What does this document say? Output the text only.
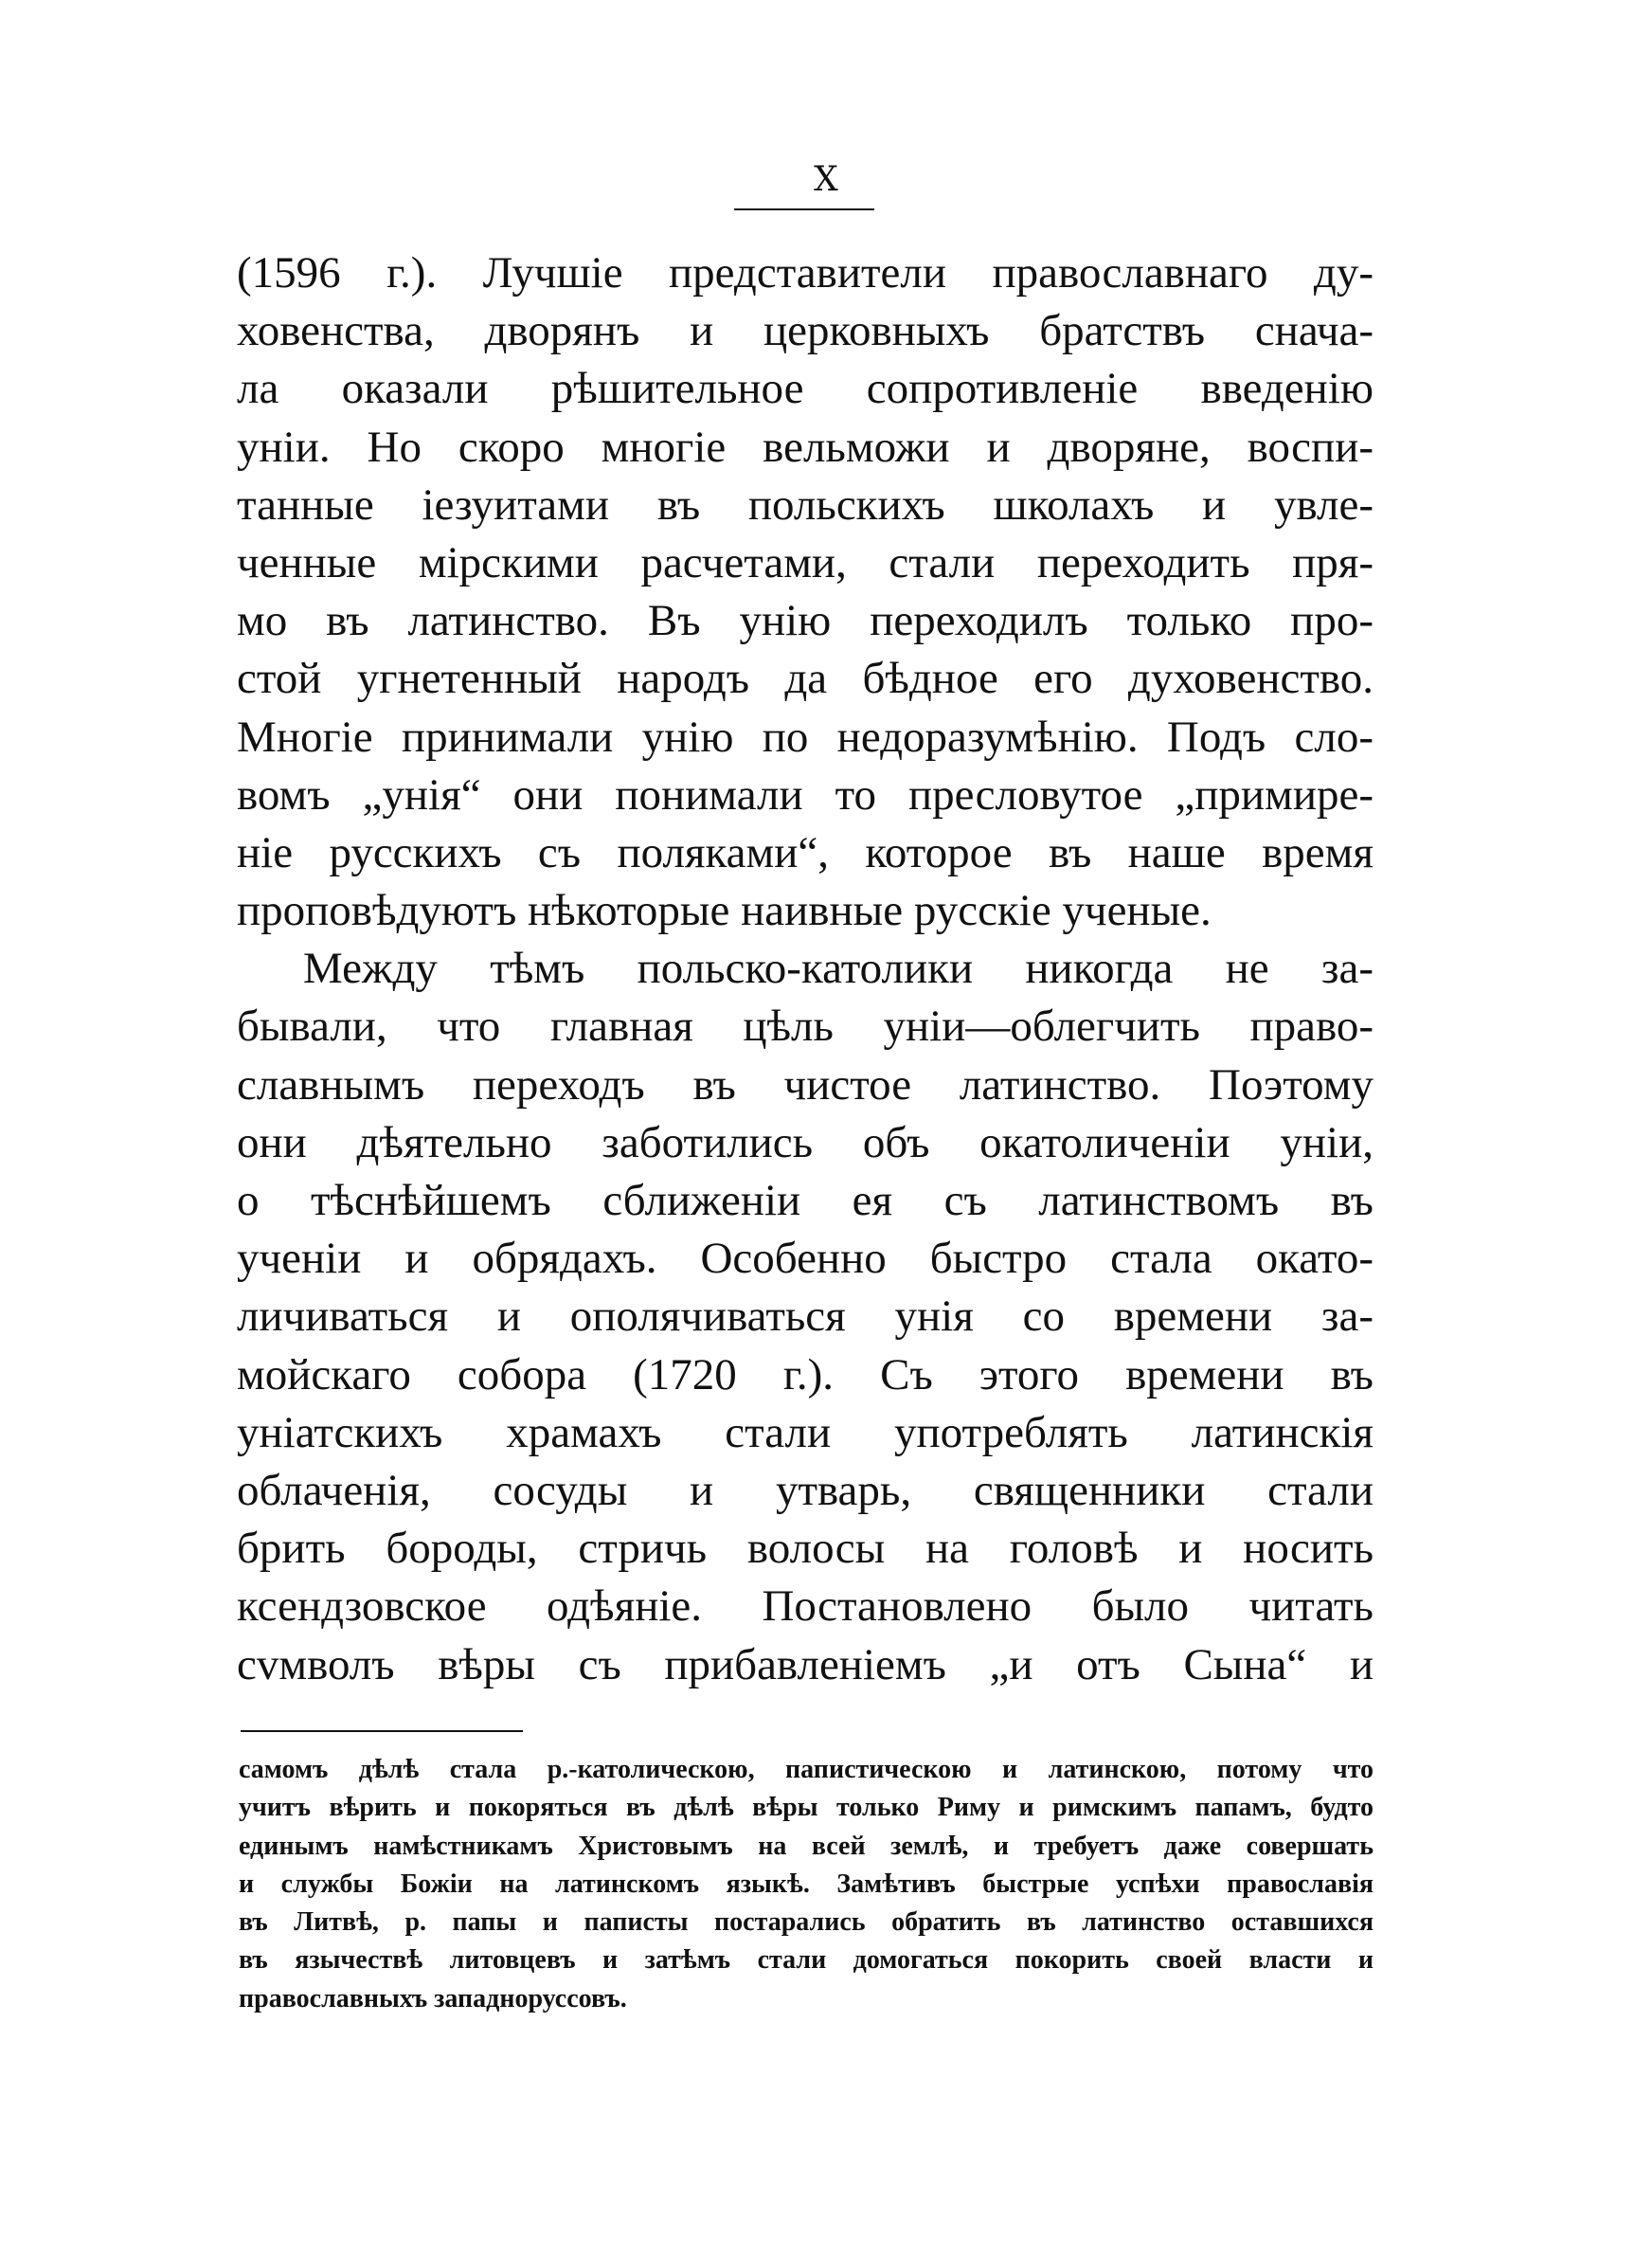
X
(1596 г.). Лучшіе представители православнаго ду-
ховенства, дворянъ и церковныхъ братствъ снача-
ла оказали рѣшительное сопротивленіе введенію
уніи. Но скоро многіе вельможи и дворяне, воспи-
танные іезуитами въ польскихъ школахъ и увле-
ченные мірскими расчетами, стали переходить пря-
мо въ латинство. Въ унію переходилъ только про-
стой угнетенный народъ да бѣдное его духовенство.
Многіе принимали унію по недоразумѣнію. Подъ сло-
вомъ „унія“ они понимали то пресловутое „примире-
ніе русскихъ съ поляками“, которое въ наше время
проповѣдуютъ нѣкоторые наивные русскіе ученые.
Между тѣмъ польско-католики никогда не за-
бывали, что главная цѣль уніи—облегчить право-
славнымъ переходъ въ чистое латинство. Поэтому
они дѣятельно заботились объ окатоличеніи уніи,
о тѣснѣйшемъ сближеніи ея съ латинствомъ въ
ученіи и обрядахъ. Особенно быстро стала окато-
личиваться и ополячиваться унія со времени за-
мойскаго собора (1720 г.). Съ этого времени въ
уніатскихъ храмахъ стали употреблять латинскія
облаченія, сосуды и утварь, священники стали
брить бороды, стричь волосы на головѣ и носить
ксендзовское одѣяніе. Постановлено было читать
сvмволъ вѣры съ прибавленіемъ „и отъ Сына“ и
самомъ дѣлѣ стала р.-католическою, папистическою и латинскою, потому что
учитъ вѣрить и покоряться въ дѣлѣ вѣры только Риму и римскимъ папамъ, будто
единымъ намѣстникамъ Христовымъ на всей землѣ, и требуетъ даже совершать
и службы Божіи на латинскомъ языкѣ. Замѣтивъ быстрые успѣхи православія
въ Литвѣ, р. папы и паписты постарались обратить въ латинство оставшихся
въ язычествѣ литовцевъ и затѣмъ стали домогаться покорить своей власти и
православныхъ западноруссовъ.
